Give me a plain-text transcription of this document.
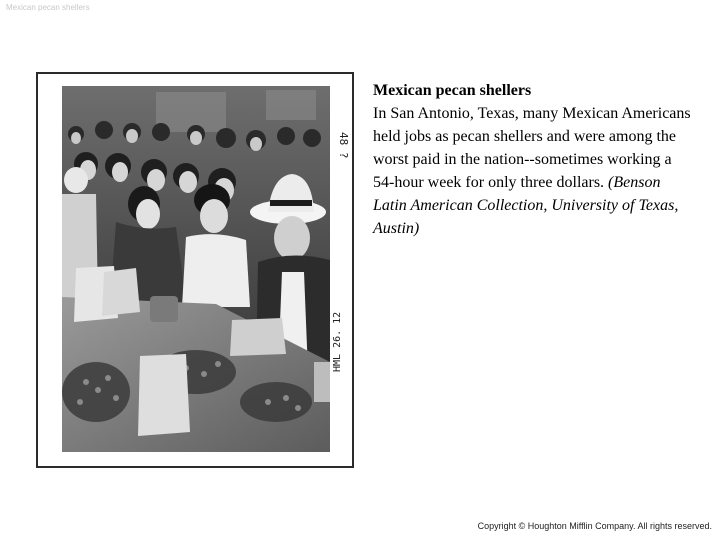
Mexican pecan shellers
48 ?
HML 26. 12
Mexican pecan shellers
In San Antonio, Texas, many Mexican Americans held jobs as pecan shellers and were among the worst paid in the nation--sometimes working a 54-hour week for only three dollars. (Benson Latin American Collection, University of Texas, Austin)
Copyright © Houghton Mifflin Company. All rights reserved.
